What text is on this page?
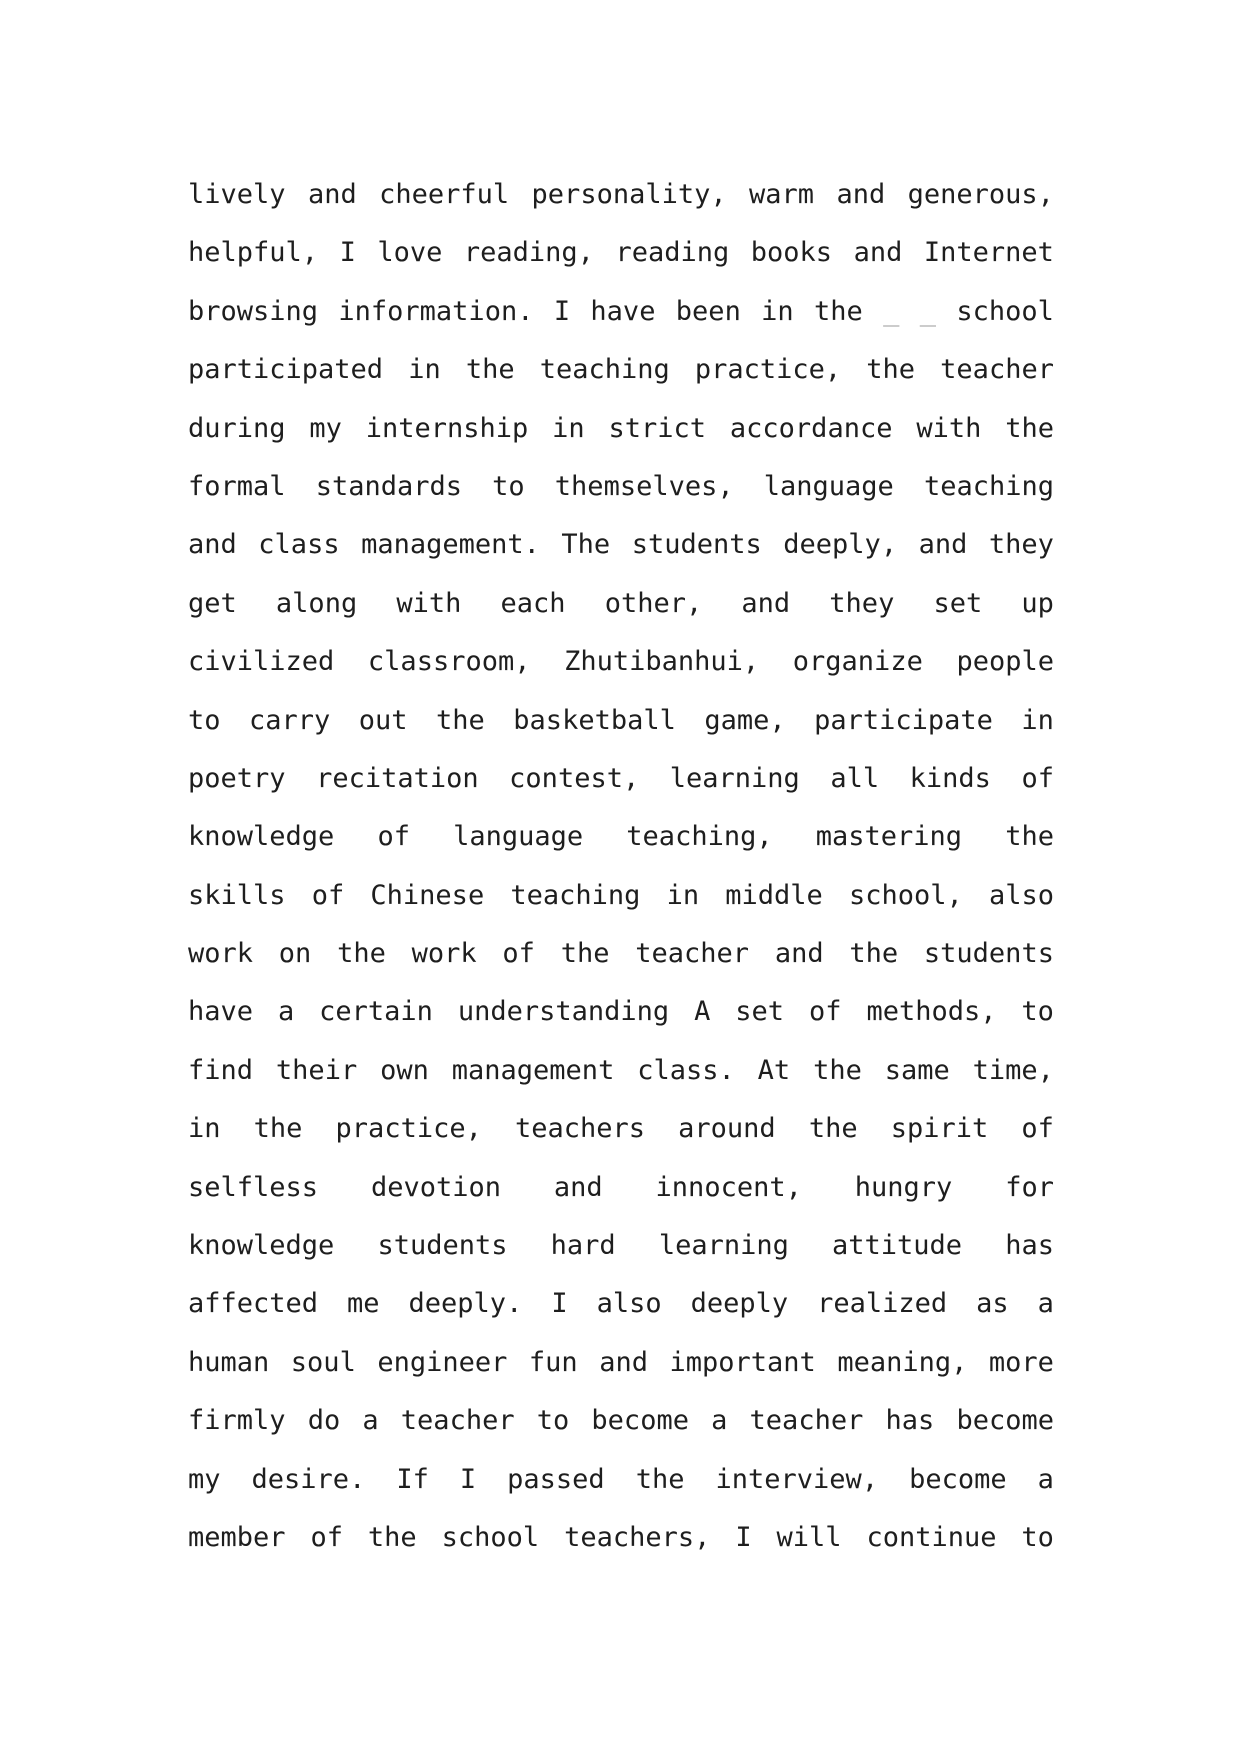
lively and cheerful personality, warm and generous,
helpful, I love reading, reading books and Internet
browsing information. I have been in the _ _ school
participated in the teaching practice, the teacher
during my internship in strict accordance with the
formal standards to themselves, language teaching
and class management. The students deeply, and they
get along with each other, and they set up
civilized classroom, Zhutibanhui, organize people
to carry out the basketball game, participate in
poetry recitation contest, learning all kinds of
knowledge of language teaching, mastering the
skills of Chinese teaching in middle school, also
work on the work of the teacher and the students
have a certain understanding A set of methods, to
find their own management class. At the same time,
in the practice, teachers around the spirit of
selfless devotion and innocent, hungry for
knowledge students hard learning attitude has
affected me deeply. I also deeply realized as a
human soul engineer fun and important meaning, more
firmly do a teacher to become a teacher has become
my desire. If I passed the interview, become a
member of the school teachers, I will continue to
